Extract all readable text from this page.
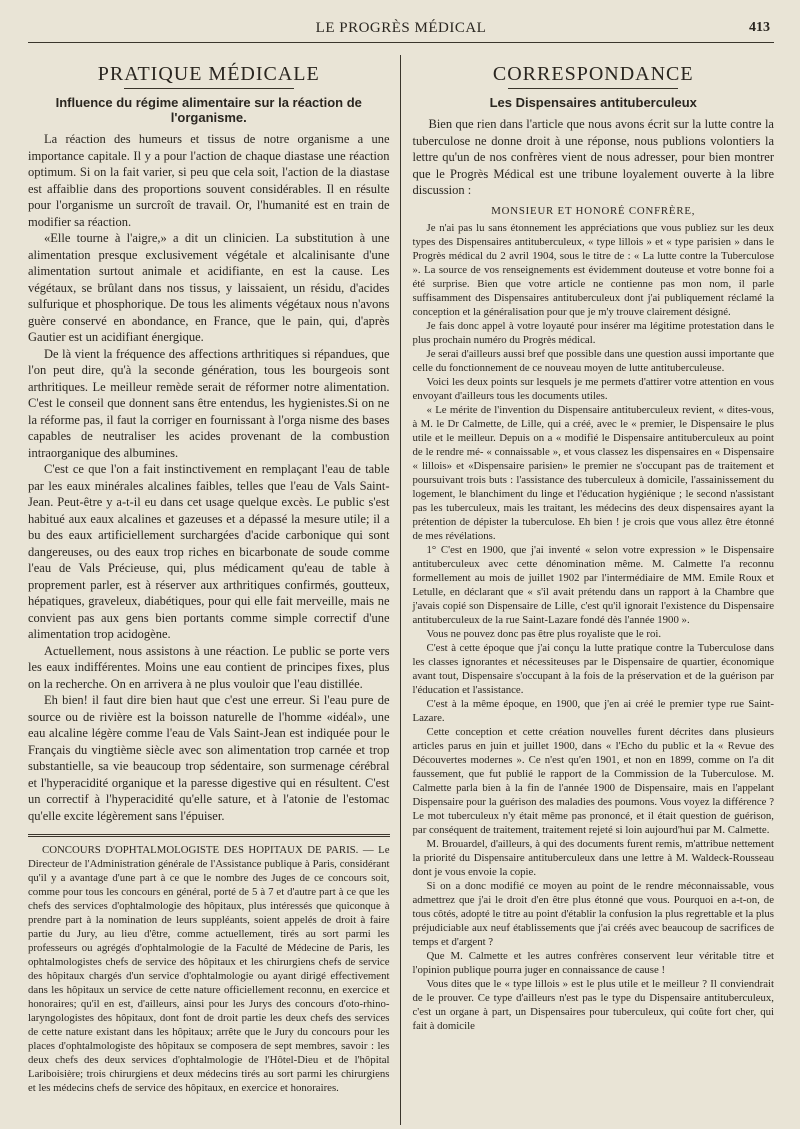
LE PROGRÈS MÉDICAL	413
PRATIQUE MÉDICALE
Influence du régime alimentaire sur la réaction de l'organisme.

La réaction des humeurs et tissus de notre organisme a une importance capitale. Il y a pour l'action de chaque diastase une réaction optimum. Si on la fait varier, si peu que cela soit, l'action de la diastase est affaiblie dans des proportions souvent considérables. Il en résulte pour l'organisme un surcroît de travail. Or, l'humanité est en train de modifier sa réaction.

«Elle tourne à l'aigre,» a dit un clinicien. La substitution à une alimentation presque exclusivement végétale et alcalinisante d'une alimentation surtout animale et acidifiante, en est la cause. Les végétaux, se brûlant dans nos tissus, y laissaient, un résidu, d'acides sulfurique et phosphorique. De tous les aliments végétaux nous n'avons guère conservé en abondance, en France, que le pain, qui, d'après Gautier est un acidifiant énergique.

De là vient la fréquence des affections arthritiques si répandues, que l'on peut dire, qu'à la seconde génération, tous les bourgeois sont arthritiques. Le meilleur remède serait de réformer notre alimentation. C'est le conseil que donnent sans être entendus, les hygienistes.Si on ne la réforme pas, il faut la corriger en fournissant à l'orga nisme des bases capables de neutraliser les acides provenant de la combustion intraorganique des albumines.

C'est ce que l'on a fait instinctivement en remplaçant l'eau de table par les eaux minérales alcalines faibles, telles que l'eau de Vals Saint-Jean. Peut-être y a-t-il eu dans cet usage quelque excès. Le public s'est habitué aux eaux alcalines et gazeuses et a dépassé la mesure utile; il a bu des eaux artificiellement surchargées d'acide carbonique qui sont dangereuses, ou des eaux trop riches en bicarbonate de soude comme l'eau de Vals Précieuse, qui, plus médicament qu'eau de table à proprement parler, est à réserver aux arthritiques confirmés, goutteux, hépatiques, graveleux, diabétiques, pour qui elle fait merveille, mais ne convient pas aux gens bien portants comme simple correctif d'une alimentation trop acidogène.

Actuellement, nous assistons à une réaction. Le public se porte vers les eaux indifférentes. Moins une eau contient de principes fixes, plus on la recherche. On en arrivera à ne plus vouloir que l'eau distillée.

Eh bien! il faut dire bien haut que c'est une erreur. Si l'eau pure de source ou de rivière est la boisson naturelle de l'homme «idéal», une eau alcaline légère comme l'eau de Vals Saint-Jean est indiquée pour le Français du vingtième siècle avec son alimentation trop carnée et trop substantielle, sa vie beaucoup trop sédentaire, son surmenage cérébral et l'hyperacidité organique et la paresse digestive qui en résultent. C'est un correctif à l'hyperacidité qu'elle sature, et à l'atonie de l'estomac qu'elle excite légèrement sans l'épuiser.

CONCOURS D'OPHTALMOLOGISTE DES HOPITAUX DE PARIS. — Le Directeur de l'Administration générale de l'Assistance publique à Paris, considérant qu'il y a avantage d'une part à ce que le nombre des Juges de ce concours soit, comme pour tous les concours en général, porté de 5 à 7 et d'autre part à ce que les chefs des services d'ophtalmologie des hôpitaux, plus intéressés que quiconque à prendre part à la nomination de leurs suppléants, soient appelés de droit à faire partie du Jury, au lieu d'être, comme actuellement, tirés au sort parmi les professeurs ou agrégés d'ophtalmologie de la Faculté de Médecine de Paris, les ophtalmologistes chefs de service des hôpitaux et les chirurgiens chefs de service des hôpitaux chargés d'un service d'ophtalmologie ou ayant dirigé effectivement dans les hôpitaux un service de cette nature officiellement reconnu, en exercice et honoraires; qu'il en est, d'ailleurs, ainsi pour les Jurys des concours d'oto-rhino-laryngologistes des hôpitaux, dont font de droit partie les deux chefs des services de cette nature existant dans les hôpitaux; arrête que le Jury du concours pour les places d'ophtalmologiste des hôpitaux se composera de sept membres, savoir : les deux chefs des deux services d'ophtalmologie de l'Hôtel-Dieu et de l'hôpital Lariboisière; trois chirurgiens et deux médecins tirés au sort parmi les chirurgiens et les médecins chefs de service des hôpitaux, en exercice et honoraires.

CORRESPONDANCE
Les Dispensaires antituberculeux

Bien que rien dans l'article que nous avons écrit sur la lutte contre la tuberculose ne donne droit à une réponse, nous publions volontiers la lettre qu'un de nos confrères vient de nous adresser, pour bien montrer que le Progrès Médical est une tribune loyalement ouverte à la libre discussion :

MONSIEUR ET HONORÉ CONFRÈRE,

Je n'ai pas lu sans étonnement les appréciations que vous publiez sur les deux types des Dispensaires antituberculeux, « type lillois » et « type parisien » dans le Progrès médical du 2 avril 1904, sous le titre de : « La lutte contre la Tuberculose ». La source de vos renseignements est évidemment douteuse et votre bonne foi a été surprise. Bien que votre article ne contienne pas mon nom, il parle suffisamment des Dispensaires antituberculeux dont j'ai publiquement réclamé la conception et la généralisation pour que je m'y trouve clairement désigné.

Je fais donc appel à votre loyauté pour insérer ma légitime protestation dans le plus prochain numéro du Progrès médical.

Je serai d'ailleurs aussi bref que possible dans une question aussi importante que celle du fonctionnement de ce nouveau moyen de lutte antituberculeuse.

Voici les deux points sur lesquels je me permets d'attirer votre attention en vous envoyant d'ailleurs tous les documents utiles.

« Le mérite de l'invention du Dispensaire antituberculeux revient, « dites-vous, à M. le Dr Calmette, de Lille, qui a créé, avec le « premier, le Dispensaire le plus utile et le meilleur. Depuis on a « modifié le Dispensaire antituberculeux au point de le rendre mé- « connaissable », et vous classez les dispensaires en « Dispensaire « lillois» et «Dispensaire parisien» le premier ne s'occupant pas de traitement et poursuivant trois buts : l'assistance des tuberculeux à domicile, l'assainissement du logement, le blanchiment du linge et l'éducation hygiénique ; le second n'assistant pas les tuberculeux, mais les traitant, les médecins des deux dispensaires ayant la prétention de dépister la tuberculose. Eh bien ! je crois que vous allez être étonné de mes révélations.

1° C'est en 1900, que j'ai inventé « selon votre expression » le Dispensaire antituberculeux avec cette dénomination même. M. Calmette l'a reconnu formellement au mois de juillet 1902 par l'intermédiaire de MM. Emile Roux et Letulle, en déclarant que « s'il avait prétendu dans un rapport à la Chambre que j'avais copié son Dispensaire de Lille, c'est qu'il ignorait l'existence du Dispensaire antituberculeux de la rue Saint-Lazare fondé dès l'année 1900 ».

Vous ne pouvez donc pas être plus royaliste que le roi.

C'est à cette époque que j'ai conçu la lutte pratique contre la Tuberculose dans les classes ignorantes et nécessiteuses par le Dispensaire de quartier, économique avant tout, Dispensaire s'occupant à la fois de la préservation et de la guérison par l'éducation et l'assistance.

C'est à la même époque, en 1900, que j'en ai créé le premier type rue Saint-Lazare.

Cette conception et cette création nouvelles furent décrites dans plusieurs articles parus en juin et juillet 1900, dans « l'Echo du public et la « Revue des Découvertes modernes ». Ce n'est qu'en 1901, et non en 1899, comme on l'a dit faussement, que fut publié le rapport de la Commission de la Tuberculose. M. Calmette parla bien à la fin de l'année 1900 de Dispensaire, mais en l'appelant Dispensaire pour la guérison des maladies des poumons. Vous voyez la différence ? Le mot tuberculeux n'y était même pas prononcé, et il était question de guérison, par conséquent de traitement, traitement rejeté si loin aujourd'hui par M. Calmette.

M. Brouardel, d'ailleurs, à qui des documents furent remis, m'attribue nettement la priorité du Dispensaire antituberculeux dans une lettre à M. Waldeck-Rousseau dont je vous envoie la copie.

Si on a donc modifié ce moyen au point de le rendre méconnaissable, vous admettrez que j'ai le droit d'en être plus étonné que vous. Pourquoi en a-t-on, de tous côtés, adopté le titre au point d'établir la confusion la plus regrettable et la plus préjudiciable aux neuf établissements que j'ai créés avec beaucoup de sacrifices de temps et d'argent ?

Que M. Calmette et les autres confrères conservent leur véritable titre et l'opinion publique pourra juger en connaissance de cause !

Vous dites que le « type lillois » est le plus utile et le meilleur ? Il conviendrait de le prouver. Ce type d'ailleurs n'est pas le type du Dispensaire antituberculeux, c'est un organe à part, un Dispensaires pour tuberculeux, qui coûte fort cher, qui fait à domicile
